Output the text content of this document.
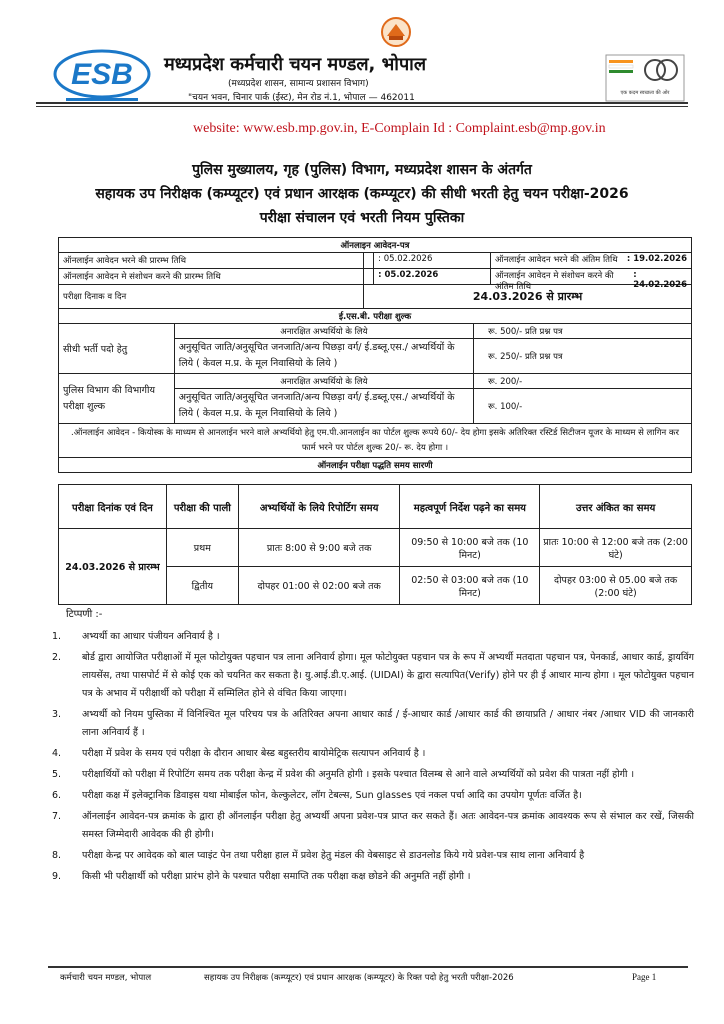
ESB मध्यप्रदेश कर्मचारी चयन मण्डल, भोपाल
(मध्यप्रदेश शासन, सामान्य प्रशासन विभाग)
"चयन भवन, चिनार पार्क (ईस्ट), मेन रोड नं.1, भोपाल — 462011	एक कदम स्वच्छता की ओर
website: www.esb.mp.gov.in, E-Complain Id : Complaint.esb@mp.gov.in
पुलिस मुख्यालय, गृह (पुलिस) विभाग, मध्यप्रदेश शासन के अंतर्गत
सहायक उप निरीक्षक (कम्प्यूटर) एवं प्रधान आरक्षक (कम्प्यूटर) की सीधी भरती हेतु चयन परीक्षा-2026
परीक्षा संचालन एवं भरती नियम पुस्तिका
ऑनलाइन आवेदन-पत्र				
ऑनलाईन आवेदन भरने की प्रारम्भ तिथि			: 05.02.2026 ऑनलाईन आवेदन भरने की अंतिम तिथि : 19.02.2026	

ऑनलाईन आवेदन मे संशोधन करने की प्रारम्भ तिथि			: 05.02.2026 ऑनलाईन आवेदन मे संशोधन करने की अंतिम तिथि
: 24.02.2026	

परीक्षा दिनाक व दिन		24.03.2026 से प्रारम्भ		
ई.एस.बी. परीक्षा शुल्क				
सीधी भर्ती पदो हेतु	अनारक्षित अभ्यर्थियो के लिये			रू. 500/- प्रति प्रश्न पत्र
	अनुसूचित जाति/अनुसूचित जनजाति/अन्य पिछड़ा वर्ग/ ई.डब्लू.एस./ अभ्यर्थियों के लिये ( केवल म.प्र. के मूल निवासियो के लिये )			रू. 250/- प्रति प्रश्न पत्र
पुलिस विभाग की विभागीय परीक्षा शुल्क	अनारक्षित अभ्यर्थियो के लिये			रू. 200/-
	अनुसूचित जाति/अनुसूचित जनजाति/अन्य पिछड़ा वर्ग/ ई.डब्लू.एस./ अभ्यर्थियों के लिये ( केवल म.प्र. के मूल निवासियो के लिये )			रू. 100/-
.ऑनलाईन आवेदन - कियोस्क के माध्यम से आनलाईन भरने वाले अभ्यर्थियो हेतु एम.पी.आनलाईन का पोर्टल शुल्क रूपये 60/- देय होगा इसके अतिरिक्त रस्टिर्ड सिटीजन यूजर के माध्यम से लागिन कर फार्म भरने पर पोर्टल शुल्क 20/- रू. देय होगा ।				
ऑनलाईन परीक्षा पद्धति समय सारणी				
परीक्षा दिनांक एवं दिन	परीक्षा की पाली	अभ्यर्थियों के लिये रिपोर्टिग समय	महत्वपूर्ण निर्देश पढ़ने का समय	उत्तर अंकित का समय
24.03.2026 से प्रारम्भ	प्रथम	प्रातः 8:00 से 9:00 बजे तक	09:50 से 10:00 बजे तक (10 मिनट)	प्रातः 10:00 से 12:00 बजे तक (2:00 घंटे)
	द्वितीय	दोपहर 01:00 से 02:00 बजे तक	02:50 से 03:00 बजे तक (10 मिनट)	दोपहर 03:00 से 05.00 बजे तक (2:00 घंटे)
टिप्पणी :-
1. अभ्यर्थी का आधार पंजीयन अनिवार्य है ।
2. बोर्ड द्वारा आयोजित परीक्षाओं में मूल फोटोयुक्त पहचान पत्र लाना अनिवार्य होगा। मूल फोटोयुक्त पहचान पत्र के रूप में अभ्यर्थी मतदाता पहचान पत्र, पेनकार्ड, आधार कार्ड, ड्रायविंग लायसेंस, तथा पासपोर्ट में से कोई एक को चयनित कर सकता है। यु.आई.डी.ए.आई. (UIDAI) के द्वारा सत्यापित(Verify) होने पर ही ई आधार मान्य होगा । मूल फोटोयुक्त पहचान पत्र के अभाव में परीक्षार्थी को परीक्षा में सम्मिलित होने से वंचित किया जाएगा।
3. अभ्यर्थी को नियम पुस्तिका में विनिश्चित मूल परिचय पत्र के अतिरिक्त अपना आधार कार्ड / ई-आधार कार्ड /आधार कार्ड की छायाप्रति / आधार नंबर /आधार VID की जानकारी लाना अनिवार्य हैं ।
4. परीक्षा में प्रवेश के समय एवं परीक्षा के दौरान आधार बेस्ड बहुस्तरीय बायोमेट्रिक सत्यापन अनिवार्य है ।
5. परीक्षार्थियों को परीक्षा में रिपोटिंग समय तक परीक्षा केन्द्र में प्रवेश की अनुमति होगी । इसके पश्चात विलम्ब से आने वाले अभ्यर्थियों को प्रवेश की पात्रता नहीं होगी ।
6. परीक्षा कक्ष में इलेक्ट्रानिक डिवाइस यथा मोबाईल फोन, केल्कुलेटर, लॉग टेबल्स, Sun glasses एवं नकल पर्चा आदि का उपयोग पूर्णतः वर्जित है।
7. ऑनलाईन आवेदन-पत्र क्रमांक के द्वारा ही ऑनलाईन परीक्षा हेतु अभ्यर्थी अपना प्रवेश-पत्र प्राप्त कर सकते हैं। अतः आवेदन-पत्र क्रमांक आवश्यक रूप से संभाल कर रखें, जिसकी समस्त जिम्मेदारी आवेदक की ही होगी।
8. परीक्षा केन्द्र पर आवेदक को बाल प्वाइंट पेन तथा परीक्षा हाल में प्रवेश हेतु मंडल की वेबसाइट से डाउनलोड किये गये प्रवेश-पत्र साथ लाना अनिवार्य है
9. किसी भी परीक्षार्थी को परीक्षा प्रारंभ होने के पश्चात परीक्षा समाप्ति तक परीक्षा कक्ष छोडने की अनुमति नहीं होगी ।
कर्मचारी चयन मण्डल, भोपाल	सहायक उप निरीक्षक (कम्प्यूटर) एवं प्रधान आरक्षक (कम्प्यूटर) के रिक्त पदो हेतु भरती परीक्षा-2026	Page 1
